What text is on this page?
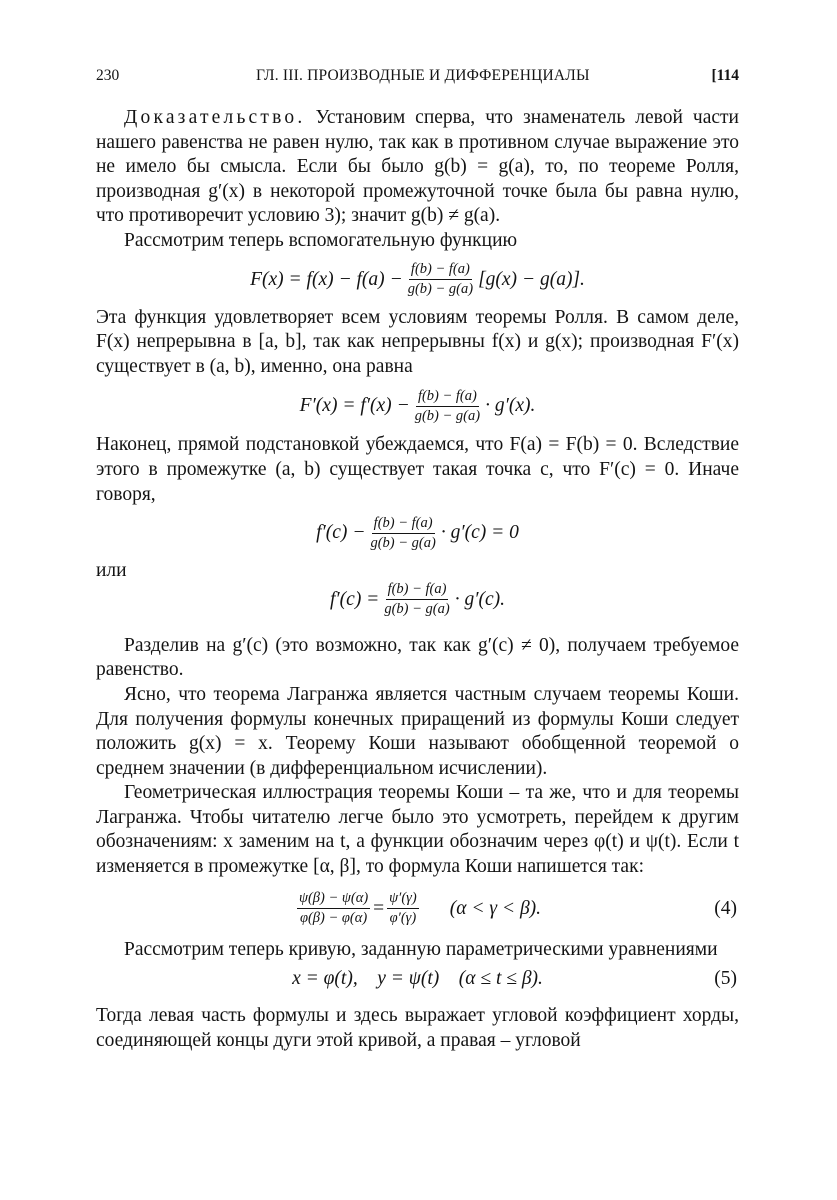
230	ГЛ. III. ПРОИЗВОДНЫЕ И ДИФФЕРЕНЦИАЛЫ	[114

Доказательство. Установим сперва, что знаменатель левой части нашего равенства не равен нулю, так как в противном случае выражение это не имело бы смысла. Если бы было g(b) = g(a), то, по теореме Ролля, производная g′(x) в некоторой промежуточной точке была бы равна нулю, что противоречит условию 3); значит g(b) ≠ g(a).

Рассмотрим теперь вспомогательную функцию

$F(x) = f(x) - f(a) - \frac{f(b) - f(a)}{g(b) - g(a)} [g(x) - g(a)]$.

Эта функция удовлетворяет всем условиям теоремы Ролля. В самом деле, F(x) непрерывна в [a, b], так как непрерывны f(x) и g(x); производная F′(x) существует в (a, b), именно, она равна

$F'(x) = f'(x) - \frac{f(b) - f(a)}{g(b) - g(a)} \cdot g'(x)$.

Наконец, прямой подстановкой убеждаемся, что F(a) = F(b) = 0. Вследствие этого в промежутке (a, b) существует такая точка c, что F′(c) = 0. Иначе говоря,

$f'(c) - \frac{f(b) - f(a)}{g(b) - g(a)} \cdot g'(c) = 0$
или
$f'(c) = \frac{f(b) - f(a)}{g(b) - g(a)} \cdot g'(c)$.

Разделив на g′(c) (это возможно, так как g′(c) ≠ 0), получаем требуемое равенство.

Ясно, что теорема Лагранжа является частным случаем теоремы Коши. Для получения формулы конечных приращений из формулы Коши следует положить g(x) = x. Теорему Коши называют обобщенной теоремой о среднем значении (в дифференциальном исчислении).

Геометрическая иллюстрация теоремы Коши – та же, что и для теоремы Лагранжа. Чтобы читателю легче было это усмотреть, перейдем к другим обозначениям: x заменим на t, а функции обозначим через φ(t) и ψ(t). Если t изменяется в промежутке [α, β], то формула Коши напишется так:

$\frac{\psi(\beta) - \psi(\alpha)}{\varphi(\beta) - \varphi(\alpha)} = \frac{\psi'(\gamma)}{\varphi'(\gamma)} (\alpha < \gamma < \beta)$.	(4)

Рассмотрим теперь кривую, заданную параметрическими уравнениями

x = φ(t),    y = ψ(t)    (α ≤ t ≤ β).	(5)

Тогда левая часть формулы и здесь выражает угловой коэффициент хорды, соединяющей концы дуги этой кривой, а правая – угловой
